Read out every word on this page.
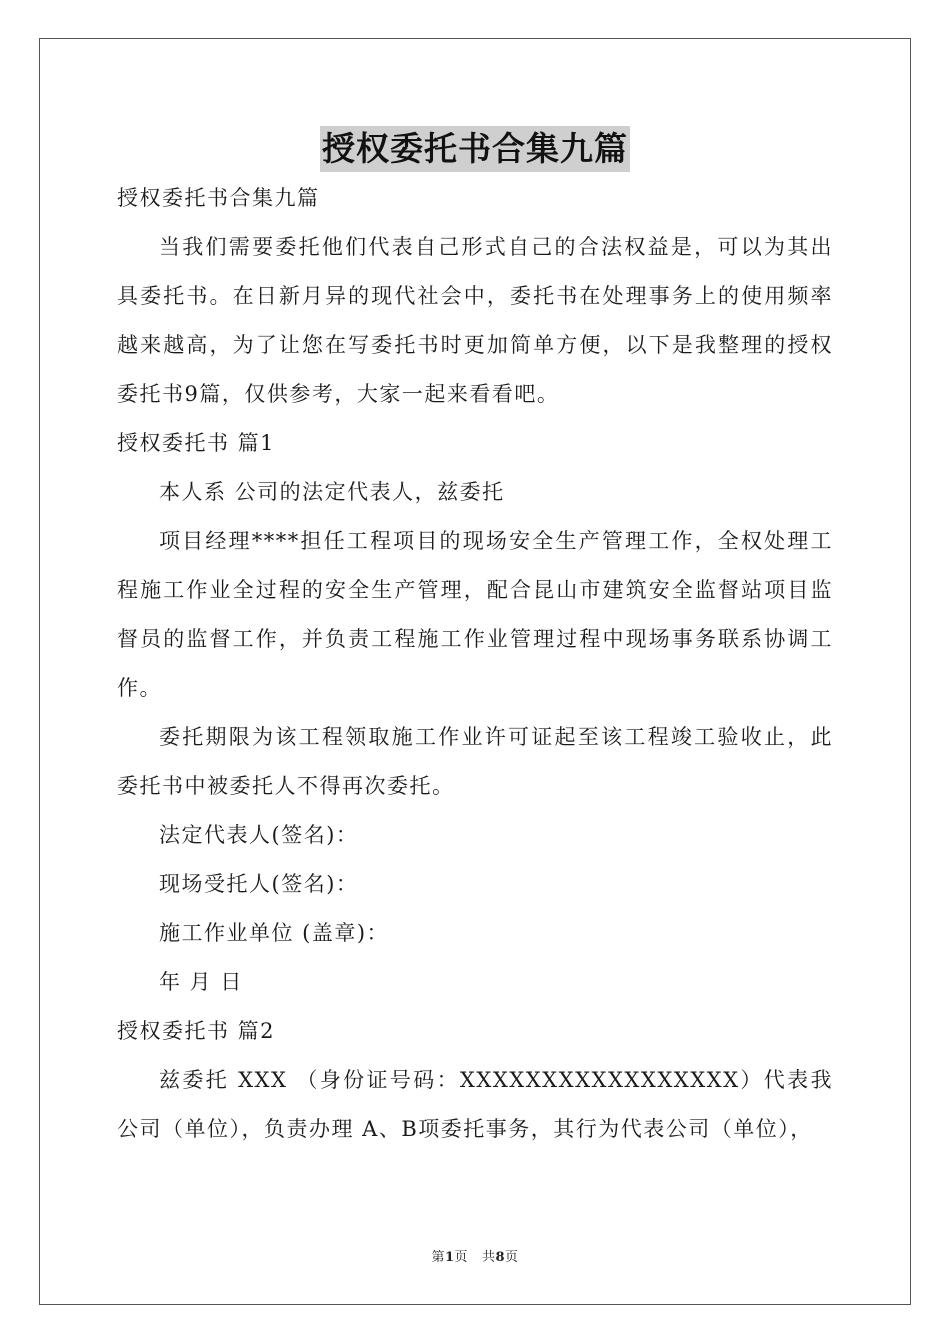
授权委托书合集九篇

授权委托书合集九篇

当我们需要委托他们代表自己形式自己的合法权益是，可以为其出具委托书。在日新月异的现代社会中，委托书在处理事务上的使用频率越来越高，为了让您在写委托书时更加简单方便，以下是我整理的授权委托书9篇，仅供参考，大家一起来看看吧。

授权委托书 篇1

本人系 公司的法定代表人，兹委托

项目经理****担任工程项目的现场安全生产管理工作，全权处理工程施工作业全过程的安全生产管理，配合昆山市建筑安全监督站项目监督员的监督工作，并负责工程施工作业管理过程中现场事务联系协调工作。

委托期限为该工程领取施工作业许可证起至该工程竣工验收止，此委托书中被委托人不得再次委托。

法定代表人(签名)：

现场受托人(签名)：

施工作业单位 (盖章)：

年 月 日

授权委托书 篇2

兹委托 XXX （身份证号码：XXXXXXXXXXXXXXXXX）代表我公司（单位），负责办理 A、B项委托事务，其行为代表公司（单位），

第1页 共8页
